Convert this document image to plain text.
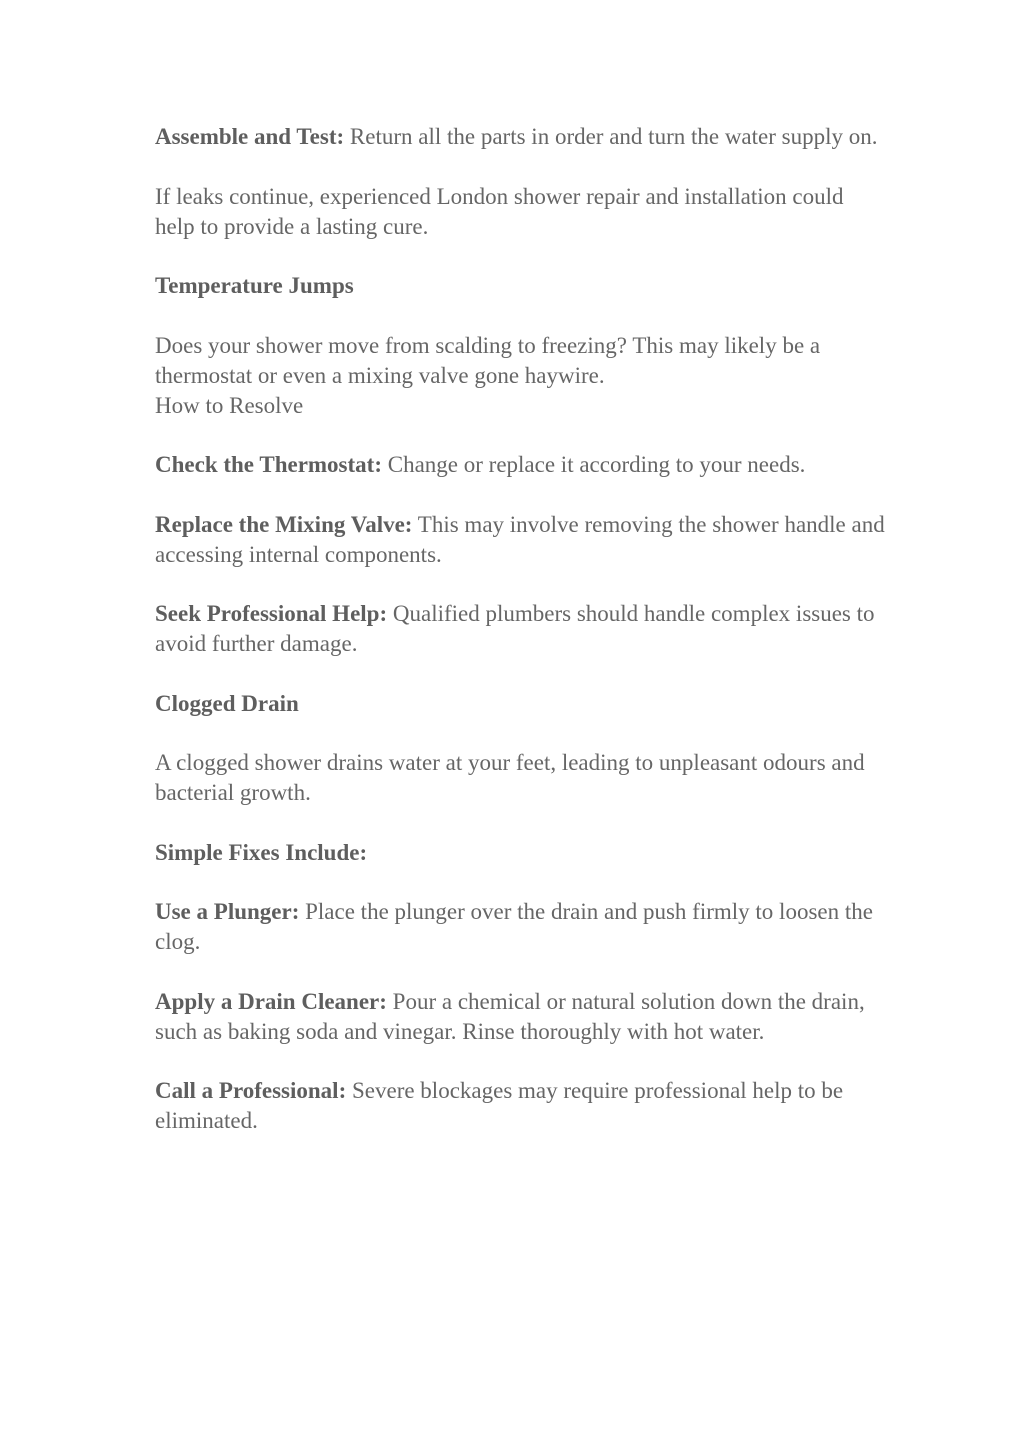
Assemble and Test: Return all the parts in order and turn the water supply on.

If leaks continue, experienced London shower repair and installation could help to provide a lasting cure.

Temperature Jumps

Does your shower move from scalding to freezing? This may likely be a thermostat or even a mixing valve gone haywire.

How to Resolve

Check the Thermostat: Change or replace it according to your needs.

Replace the Mixing Valve: This may involve removing the shower handle and accessing internal components.

Seek Professional Help: Qualified plumbers should handle complex issues to avoid further damage.

Clogged Drain

A clogged shower drains water at your feet, leading to unpleasant odours and bacterial growth.

Simple Fixes Include:

Use a Plunger: Place the plunger over the drain and push firmly to loosen the clog.

Apply a Drain Cleaner: Pour a chemical or natural solution down the drain, such as baking soda and vinegar. Rinse thoroughly with hot water.

Call a Professional: Severe blockages may require professional help to be eliminated.
